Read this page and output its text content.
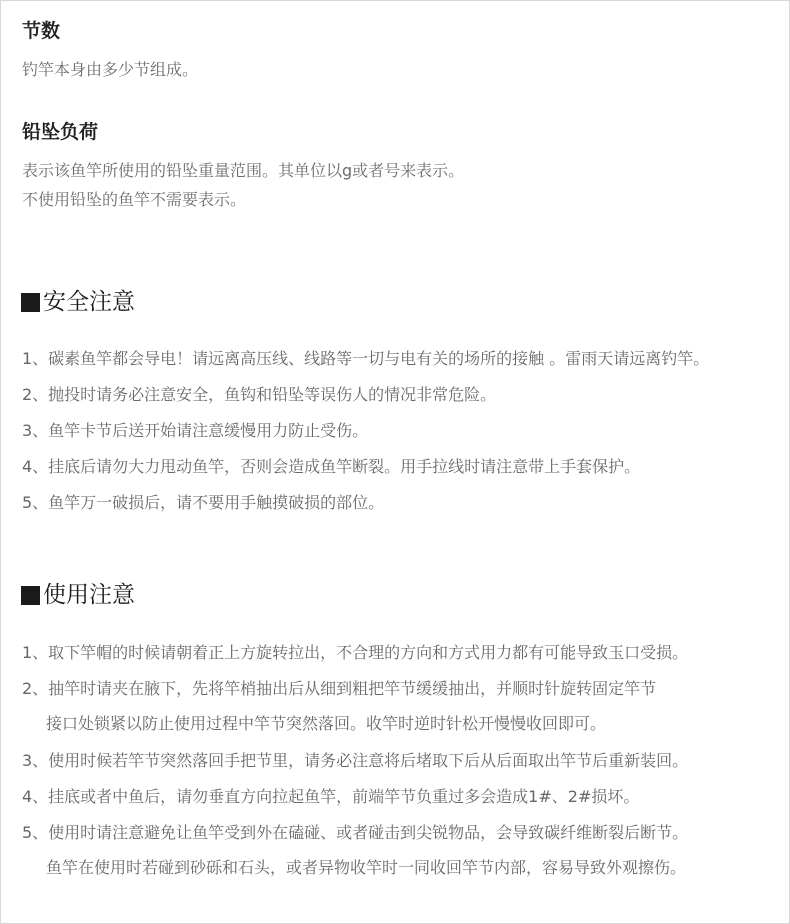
节数
钓竿本身由多少节组成。
铅坠负荷
表示该鱼竿所使用的铅坠重量范围。其单位以g或者号来表示。
不使用铅坠的鱼竿不需要表示。
安全注意
1、碳素鱼竿都会导电！请远离高压线、线路等一切与电有关的场所的接触 。雷雨天请远离钓竿。
2、抛投时请务必注意安全，鱼钩和铅坠等误伤人的情况非常危险。
3、鱼竿卡节后送开始请注意缓慢用力防止受伤。
4、挂底后请勿大力甩动鱼竿，否则会造成鱼竿断裂。用手拉线时请注意带上手套保护。
5、鱼竿万一破损后，请不要用手触摸破损的部位。
使用注意
1、取下竿帽的时候请朝着正上方旋转拉出，不合理的方向和方式用力都有可能导致玉口受损。
2、抽竿时请夹在腋下，先将竿梢抽出后从细到粗把竿节缓缓抽出，并顺时针旋转固定竿节
接口处锁紧以防止使用过程中竿节突然落回。收竿时逆时针松开慢慢收回即可。
3、使用时候若竿节突然落回手把节里，请务必注意将后堵取下后从后面取出竿节后重新装回。
4、挂底或者中鱼后，请勿垂直方向拉起鱼竿，前端竿节负重过多会造成1#、2#损坏。
5、使用时请注意避免让鱼竿受到外在磕碰、或者碰击到尖锐物品，会导致碳纤维断裂后断节。
鱼竿在使用时若碰到砂砾和石头，或者异物收竿时一同收回竿节内部，容易导致外观擦伤。
